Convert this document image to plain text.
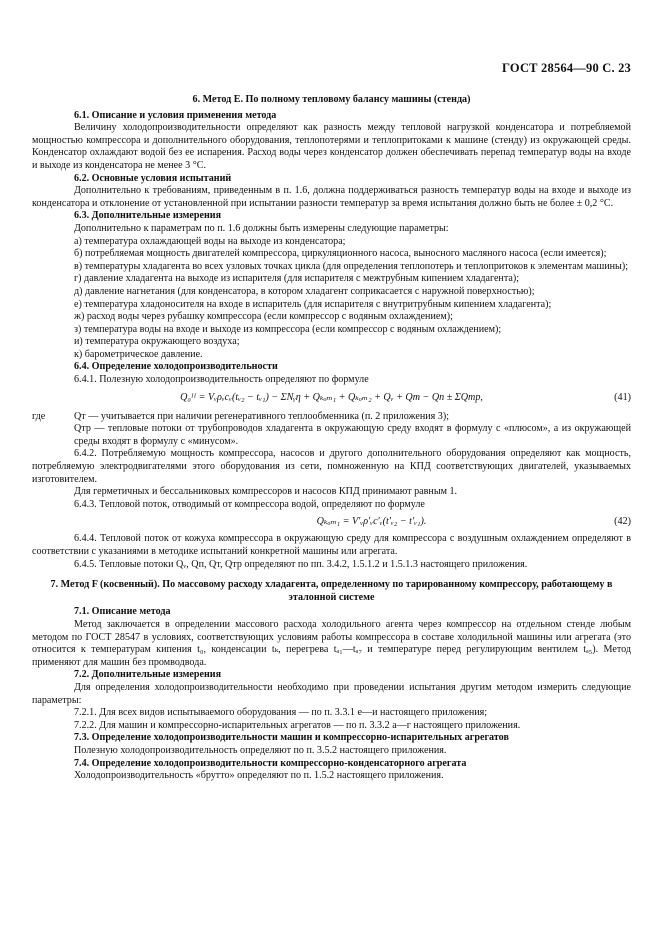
ГОСТ 28564—90 С. 23

6. Метод Е. По полному тепловому балансу машины (стенда)

6.1. Описание и условия применения метода

Величину холодопроизводительности определяют как разность между тепловой нагрузкой конденсатора и потребляемой мощностью компрессора и дополнительного оборудования, теплопотерями и теплопритоками к машине (стенду) из окружающей среды. Конденсатор охлаждают водой без ее испарения. Расход воды через конденсатор должен обеспечивать перепад температур воды на входе и выходе из конденсатора не менее 3 °С.

6.2. Основные условия испытаний

Дополнительно к требованиям, приведенным в п. 1.6, должна поддерживаться разность температур воды на входе и выходе из конденсатора и отклонение от установленной при испытании разности температур за время испытания должно быть не более ± 0,2 °С.

6.3. Дополнительные измерения

Дополнительно к параметрам по п. 1.6 должны быть измерены следующие параметры:

а) температура охлаждающей воды на выходе из конденсатора;

б) потребляемая мощность двигателей компрессора, циркуляционного насоса, выносного масляного насоса (если имеется);

в) температуры хладагента во всех узловых точках цикла (для определения теплопотерь и теплопритоков к элементам машины);

г) давление хладагента на выходе из испарителя (для испарителя с межтрубным кипением хладагента);

д) давление нагнетания (для конденсатора, в котором хладагент соприкасается с наружной поверхностью);

е) температура хладоносителя на входе в испаритель (для испарителя с внутритрубным кипением хладагента);

ж) расход воды через рубашку компрессора (если компрессор с водяным охлаждением);

з) температура воды на входе и выходе из компрессора (если компрессор с водяным охлаждением);

и) температура окружающего воздуха;

к) барометрическое давление.

6.4. Определение холодопроизводительности

6.4.1. Полезную холодопроизводительность определяют по формуле

Q₀ᴵᴵ = Vᵥρᵥcᵥ(tᵥ₂ − tᵥ₁) − ΣNᵧη + Qₖₒₘ₁ + Qₖₒₘ₂ + Qᵥ + Qт − Qп ± ΣQтр,	(41)
где	Qт — учитывается при наличии регенеративного теплообменника (п. 2 приложения 3);
Qтр — тепловые потоки от трубопроводов хладагента в окружающую среду входят в формулу с «плюсом», а из окружающей среды входят в формулу с «минусом».

6.4.2. Потребляемую мощность компрессора, насосов и другого дополнительного оборудования определяют как мощность, потребляемую электродвигателями этого оборудования из сети, помноженную на КПД соответствующих двигателей, указываемых изготовителем.

Для герметичных и бессальниковых компрессоров и насосов КПД принимают равным 1.

6.4.3. Тепловой поток, отводимый от компрессора водой, определяют по формуле

Qₖₒₘ₁ = V′ᵥρ′ᵥc′ᵥ(t′ᵥ₂ − t′ᵥ₁).	(42)

6.4.4. Тепловой поток от кожуха компрессора в окружающую среду для компрессора с воздушным охлаждением определяют в соответствии с указаниями в методике испытаний конкретной машины или агрегата.

6.4.5. Тепловые потоки Qᵥ, Qп, Qт, Qтр определяют по пп. 3.4.2, 1.5.1.2 и 1.5.1.3 настоящего приложения.

7. Метод F (косвенный). По массовому расходу хладагента, определенному по тарированному компрессору, работающему в эталонной системе

7.1. Описание метода

Метод заключается в определении массового расхода холодильного агента через компрессор на отдельном стенде любым методом по ГОСТ 28547 в условиях, соответствующих условиям работы компрессора в составе холодильной машины или агрегата (это относится к температурам кипения t₀, конденсации tₖ, перегрева tₐ₁—tₐ₇ и температуре перед регулирующим вентилем tₐ₅). Метод применяют для машин без промводвода.

7.2. Дополнительные измерения

Для определения холодопроизводительности необходимо при проведении испытания другим методом измерить следующие параметры:

7.2.1. Для всех видов испытываемого оборудования — по п. 3.3.1 е—и настоящего приложения;

7.2.2. Для машин и компрессорно-испарительных агрегатов — по п. 3.3.2 а—г настоящего приложения.

7.3. Определение холодопроизводительности машин и компрессорно-испарительных агрегатов

Полезную холодопроизводительность определяют по п. 3.5.2 настоящего приложения.

7.4. Определение холодопроизводительности компрессорно-конденсаторного агрегата

Холодопроизводительность «брутто» определяют по п. 1.5.2 настоящего приложения.
